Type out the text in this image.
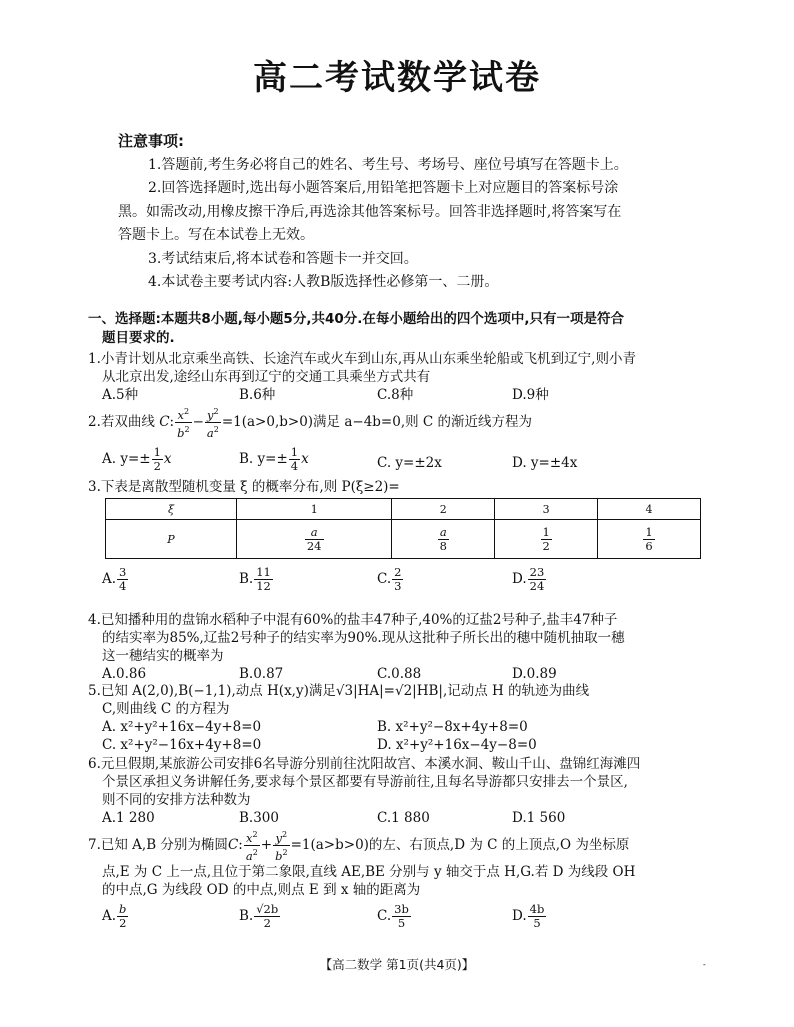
高二考试数学试卷

注意事项:

1.答题前,考生务必将自己的姓名、考生号、考场号、座位号填写在答题卡上。

2.回答选择题时,选出每小题答案后,用铅笔把答题卡上对应题目的答案标号涂

黑。如需改动,用橡皮擦干净后,再选涂其他答案标号。回答非选择题时,将答案写在

答题卡上。写在本试卷上无效。

3.考试结束后,将本试卷和答题卡一并交回。

4.本试卷主要考试内容:人教B版选择性必修第一、二册。

一、选择题:本题共8小题,每小题5分,共40分.在每小题给出的四个选项中,只有一项是符合
题目要求的.

1.小青计划从北京乘坐高铁、长途汽车或火车到山东,再从山东乘坐轮船或飞机到辽宁,则小青

从北京出发,途经山东再到辽宁的交通工具乘坐方式共有

A.5种	B.6种	C.8种	D.9种

2.若双曲线 C: $\frac{x^2}{b^2} - \frac{y^2}{a^2} =1(a>0,b>0)$满足 a−4b=0,则 C 的渐近线方程为

A. $y=\pm \frac{1}{2}$ x	B. $y=\pm \frac{1}{4}$ x	C. y=±2x	D. y=±4x

3.下表是离散型随机变量 ξ 的概率分布,则 P(ξ≥2)=

ξ	1	2	3	4
P	$\frac{a}{24}$	$\frac{a}{8}$	$\frac{1}{2}$	$\frac{1}{6}$
A. $\frac{3}{4}$	B. $\frac{11}{12}$	C. $\frac{2}{3}$	D. $\frac{23}{24}$

4.已知播种用的盘锦水稻种子中混有60%的盐丰47种子,40%的辽盐2号种子,盐丰47种子

的结实率为85%,辽盐2号种子的结实率为90%.现从这批种子所长出的穗中随机抽取一穗

这一穗结实的概率为

A.0.86	B.0.87	C.0.88	D.0.89

5.已知 A(2,0),B(−1,1),动点 H(x,y)满足√3|HA|=√2|HB|,记动点 H 的轨迹为曲线

C,则曲线 C 的方程为

A. x²+y²+16x−4y+8=0	B. x²+y²−8x+4y+8=0
C. x²+y²−16x+4y+8=0	D. x²+y²+16x−4y−8=0

6.元旦假期,某旅游公司安排6名导游分别前往沈阳故宫、本溪水洞、鞍山千山、盘锦红海滩四

个景区承担义务讲解任务,要求每个景区都要有导游前往,且每名导游都只安排去一个景区,

则不同的安排方法种数为

A.1 280	B.300	C.1 880	D.1 560

7.已知 A,B 分别为椭圆C: $\frac{x^2}{a^2} + \frac{y^2}{b^2} =1(a>b>0)$的左、右顶点,D 为 C 的上顶点,O 为坐标原

点,E 为 C 上一点,且位于第二象限,直线 AE,BE 分别与 y 轴交于点 H,G.若 D 为线段 OH

的中点,G 为线段 OD 的中点,则点 E 到 x 轴的距离为

A. $\frac{b}{2}$	B. $\frac{√2b}{2}$	C. $\frac{3b}{5}$	D. $\frac{4b}{5}$
【高二数学 第1页(共4页)】	-
